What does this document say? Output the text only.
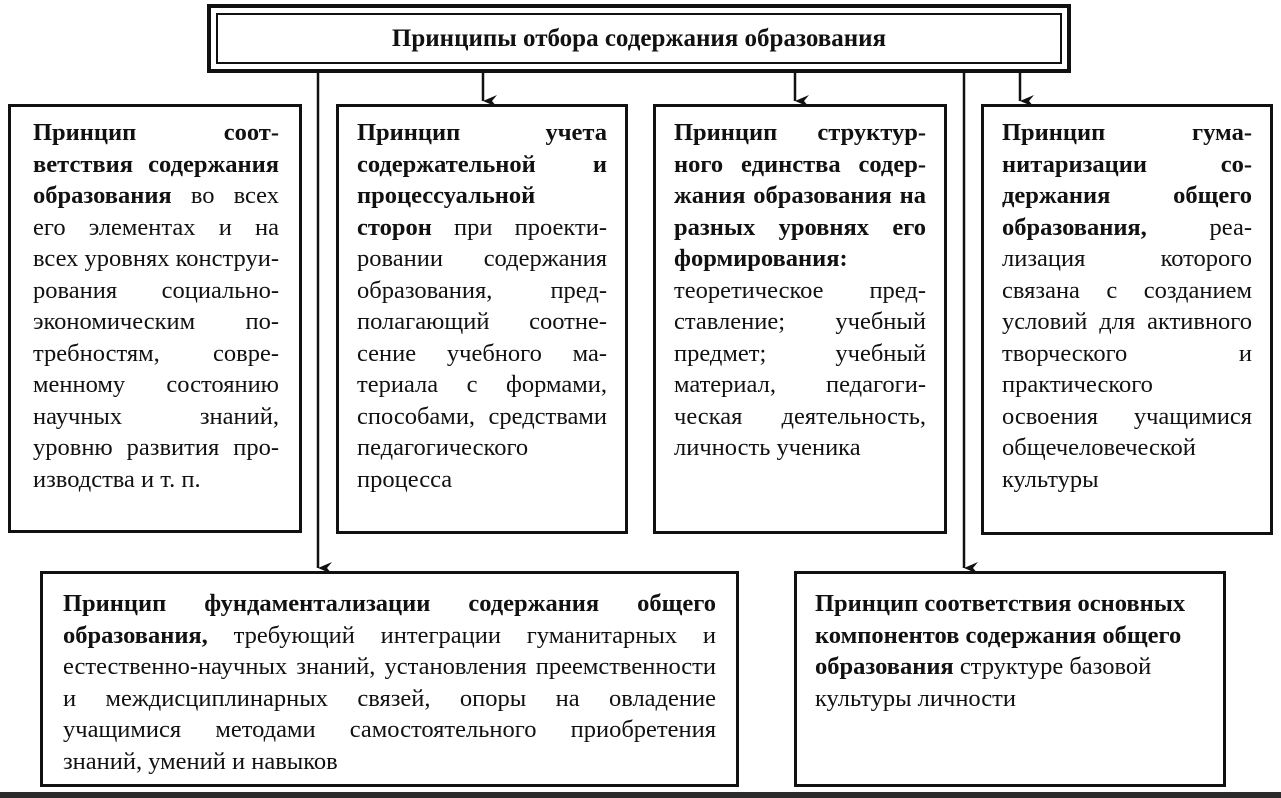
Принципы отбора содержания образования
Принцип соответствия содержания образования во всех его элементах и на всех уровнях конструирования социально-экономическим потребностям, современному состоянию научных знаний, уровню развития производства и т. п.
Принцип учета содержательной и процессуальной сторон при проектировании содержания образования, предполагающий соотнесение учебного материала с формами, способами, средствами педагогического процесса
Принцип структурного единства содержания образования на разных уровнях его формирования: теоретическое представление; учебный предмет; учебный материал, педагогическая деятельность, личность ученика
Принцип гуманитаризации содержания общего образования, реализация которого связана с созданием условий для активного творческого и практического освоения учащимися общечеловеческой культуры
Принцип фундаментализации содержания общего образования, требующий интеграции гуманитарных и естественно-научных знаний, установления преемственности и междисциплинарных связей, опоры на овладение учащимися методами самостоятельного приобретения знаний, умений и навыков
Принцип соответствия основных компонентов содержания общего образования структуре базовой культуры личности
